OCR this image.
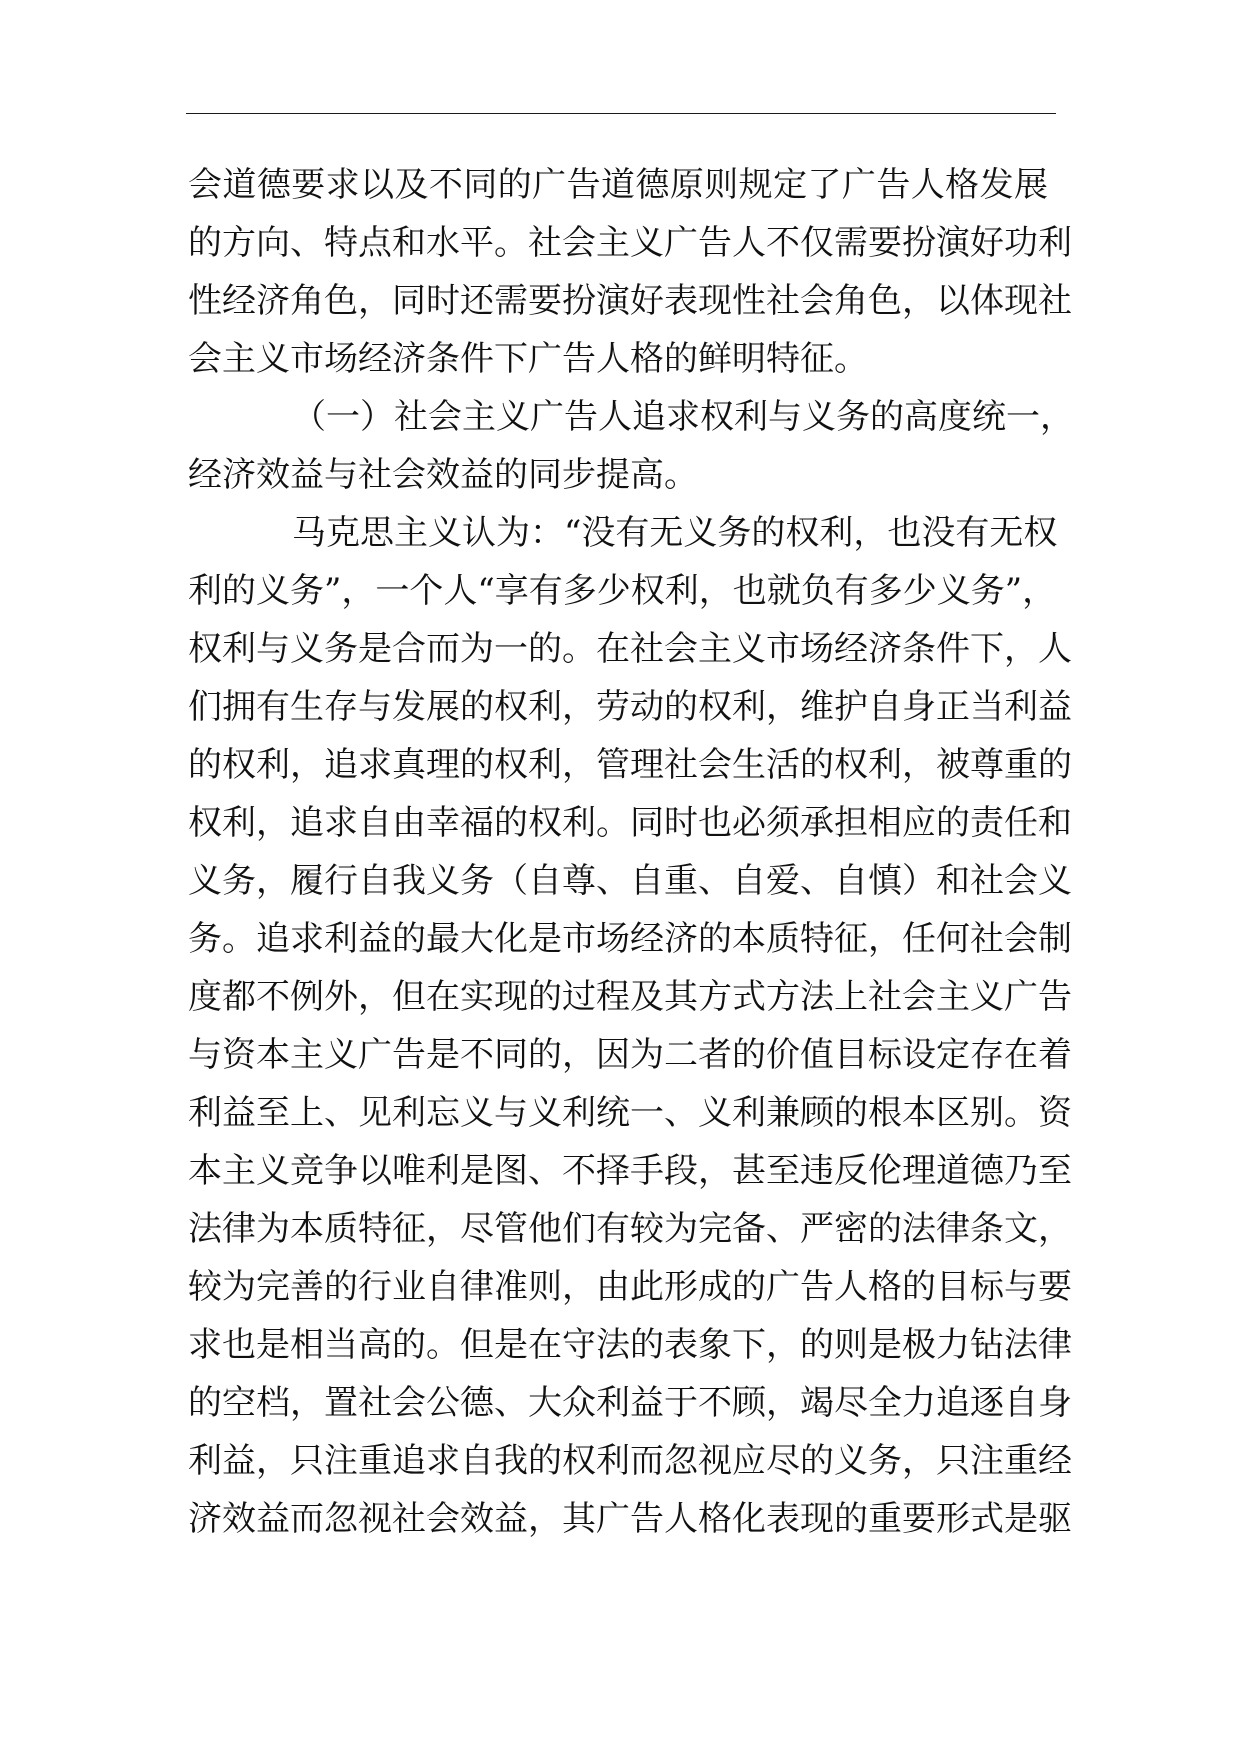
会道德要求以及不同的广告道德原则规定了广告人格发展
的方向、特点和水平。社会主义广告人不仅需要扮演好功利
性经济角色，同时还需要扮演好表现性社会角色，以体现社
会主义市场经济条件下广告人格的鲜明特征。
（一）社会主义广告人追求权利与义务的高度统一，
经济效益与社会效益的同步提高。
马克思主义认为：“没有无义务的权利，也没有无权
利的义务”，一个人“享有多少权利，也就负有多少义务”，
权利与义务是合而为一的。在社会主义市场经济条件下，人
们拥有生存与发展的权利，劳动的权利，维护自身正当利益
的权利，追求真理的权利，管理社会生活的权利，被尊重的
权利，追求自由幸福的权利。同时也必须承担相应的责任和
义务，履行自我义务（自尊、自重、自爱、自慎）和社会义
务。追求利益的最大化是市场经济的本质特征，任何社会制
度都不例外，但在实现的过程及其方式方法上社会主义广告
与资本主义广告是不同的，因为二者的价值目标设定存在着
利益至上、见利忘义与义利统一、义利兼顾的根本区别。资
本主义竞争以唯利是图、不择手段，甚至违反伦理道德乃至
法律为本质特征，尽管他们有较为完备、严密的法律条文，
较为完善的行业自律准则，由此形成的广告人格的目标与要
求也是相当高的。但是在守法的表象下，的则是极力钻法律
的空档，置社会公德、大众利益于不顾，竭尽全力追逐自身
利益，只注重追求自我的权利而忽视应尽的义务，只注重经
济效益而忽视社会效益，其广告人格化表现的重要形式是驱
